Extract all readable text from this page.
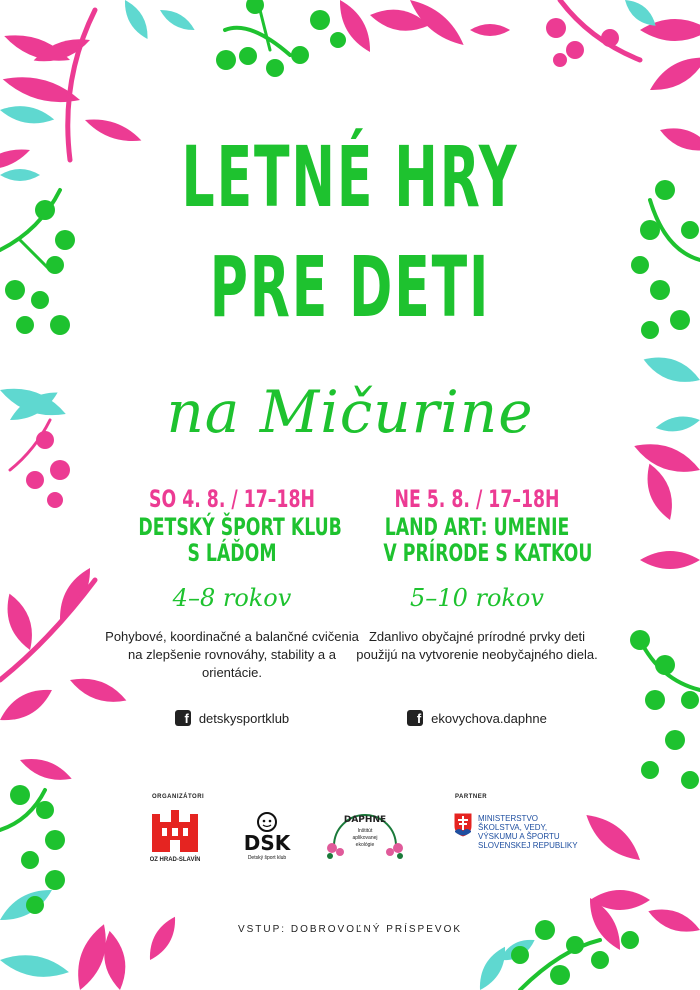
LETNÉ HRY
PRE DETI
na Mičurine
SO 4. 8. / 17–18H
DETSKÝ ŠPORT KLUB
S LÁĎOM
4–8 rokov
Pohybové, koordinačné a balančné cvičenia na zlepšenie rovnováhy, stability a a orientácie.
f detskysportklub
NE 5. 8. / 17–18H
LAND ART: UMENIE
V PRÍRODE S KATKOU
5–10 rokov
Zdanlivo obyčajné prírodné prvky deti použijú na vytvorenie neobyčajného diela.
f ekovychova.daphne
ORGANIZÁTORI
OZ HRAD-SLAVÍN
DSK
Detský šport klub
DAPHNE
Inštitút
aplikovanej
ekológie
PARTNER
MINISTERSTVO
ŠKOLSTVA, VEDY,
VÝSKUMU A ŠPORTU
SLOVENSKEJ REPUBLIKY
VSTUP: DOBROVOĽNÝ PRÍSPEVOK
